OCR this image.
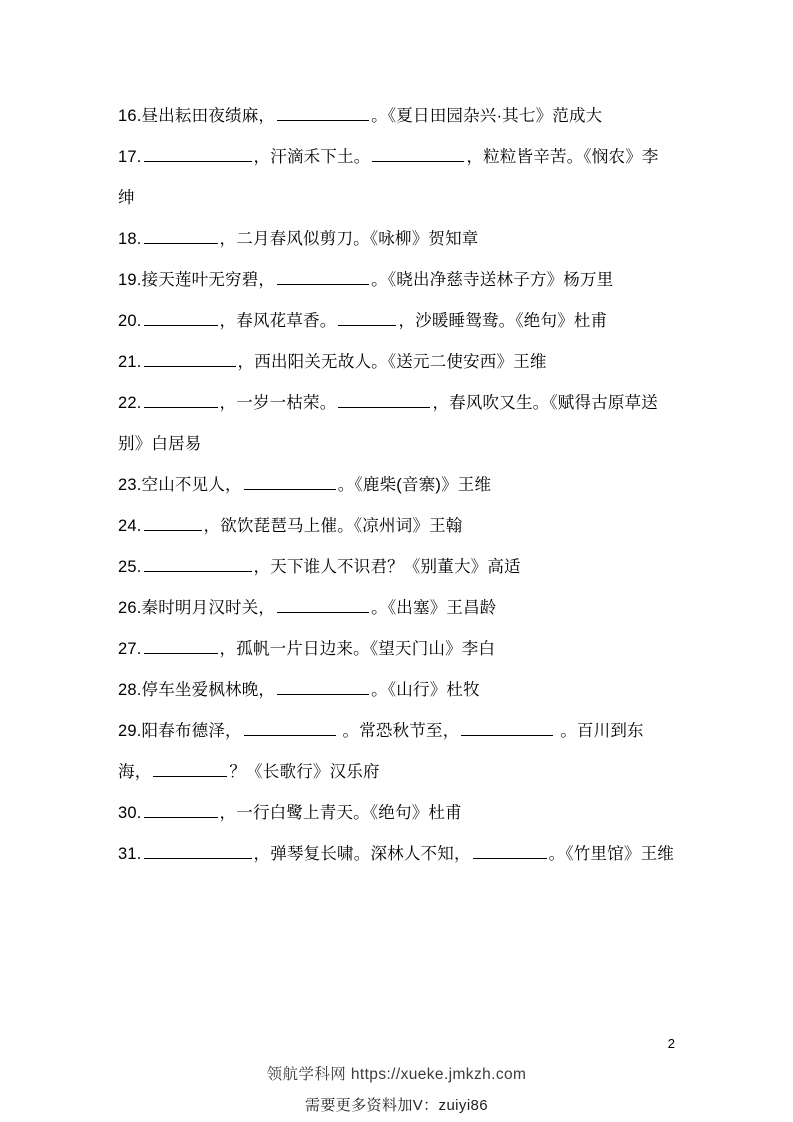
16.昼出耘田夜绩麻，	。《夏日田园杂兴·其七》范成大
17.	，汗滴禾下土。	，粒粒皆辛苦。《悯农》李绅
18.	，二月春风似剪刀。《咏柳》贺知章
19.接天莲叶无穷碧，	。《晓出净慈寺送林子方》杨万里
20.	，春风花草香。	，沙暖睡鸳鸯。《绝句》杜甫
21.	，西出阳关无故人。《送元二使安西》王维
22.	，一岁一枯荣。	，春风吹又生。《赋得古原草送别》白居易
23.空山不见人，	。《鹿柴(音寨)》王维
24.	，欲饮琵琶马上催。《凉州词》王翰
25.	，天下谁人不识君？《别董大》高适
26.秦时明月汉时关，	。《出塞》王昌龄
27.	，孤帆一片日边来。《望天门山》李白
28.停车坐爱枫林晚，	。《山行》杜牧
29.阳春布德泽，	。常恐秋节至，	。百川到东海，	？《长歌行》汉乐府
30.	，一行白鹭上青天。《绝句》杜甫
31.	，弹琴复长啸。深林人不知，	。《竹里馆》王维
2
领航学科网 https://xueke.jmkzh.com
需要更多资料加V：zuiyi86
